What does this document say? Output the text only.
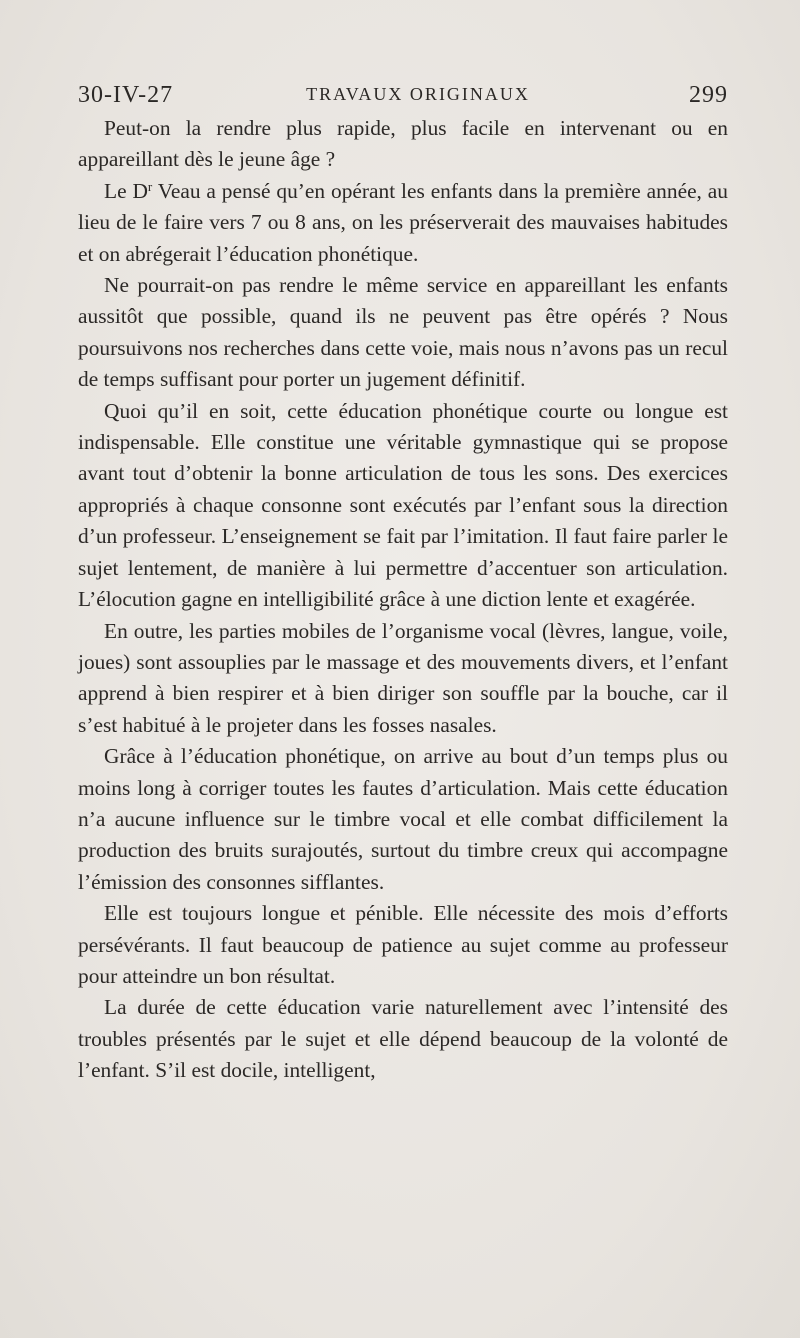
30-IV-27	TRAVAUX ORIGINAUX	299

Peut-on la rendre plus rapide, plus facile en intervenant ou en appareillant dès le jeune âge ?

Le $D^r$ Veau a pensé qu’en opérant les enfants dans la première année, au lieu de le faire vers 7 ou 8 ans, on les préserverait des mauvaises habitudes et on abrégerait l’éducation phonétique.

Ne pourrait-on pas rendre le même service en appareillant les enfants aussitôt que possible, quand ils ne peuvent pas être opérés ? Nous poursuivons nos recherches dans cette voie, mais nous n’avons pas un recul de temps suffisant pour porter un jugement définitif.

Quoi qu’il en soit, cette éducation phonétique courte ou longue est indispensable. Elle constitue une véritable gymnastique qui se propose avant tout d’obtenir la bonne articulation de tous les sons. Des exercices appropriés à chaque consonne sont exécutés par l’enfant sous la direction d’un professeur. L’enseignement se fait par l’imitation. Il faut faire parler le sujet lentement, de manière à lui permettre d’accentuer son articulation. L’élocution gagne en intelligibilité grâce à une diction lente et exagérée.

En outre, les parties mobiles de l’organisme vocal (lèvres, langue, voile, joues) sont assouplies par le massage et des mouvements divers, et l’enfant apprend à bien respirer et à bien diriger son souffle par la bouche, car il s’est habitué à le projeter dans les fosses nasales.

Grâce à l’éducation phonétique, on arrive au bout d’un temps plus ou moins long à corriger toutes les fautes d’articulation. Mais cette éducation n’a aucune influence sur le timbre vocal et elle combat difficilement la production des bruits surajoutés, surtout du timbre creux qui accompagne l’émission des consonnes sifflantes.

Elle est toujours longue et pénible. Elle nécessite des mois d’efforts persévérants. Il faut beaucoup de patience au sujet comme au professeur pour atteindre un bon résultat.

La durée de cette éducation varie naturellement avec l’intensité des troubles présentés par le sujet et elle dépend beaucoup de la volonté de l’enfant. S’il est docile, intelligent,
